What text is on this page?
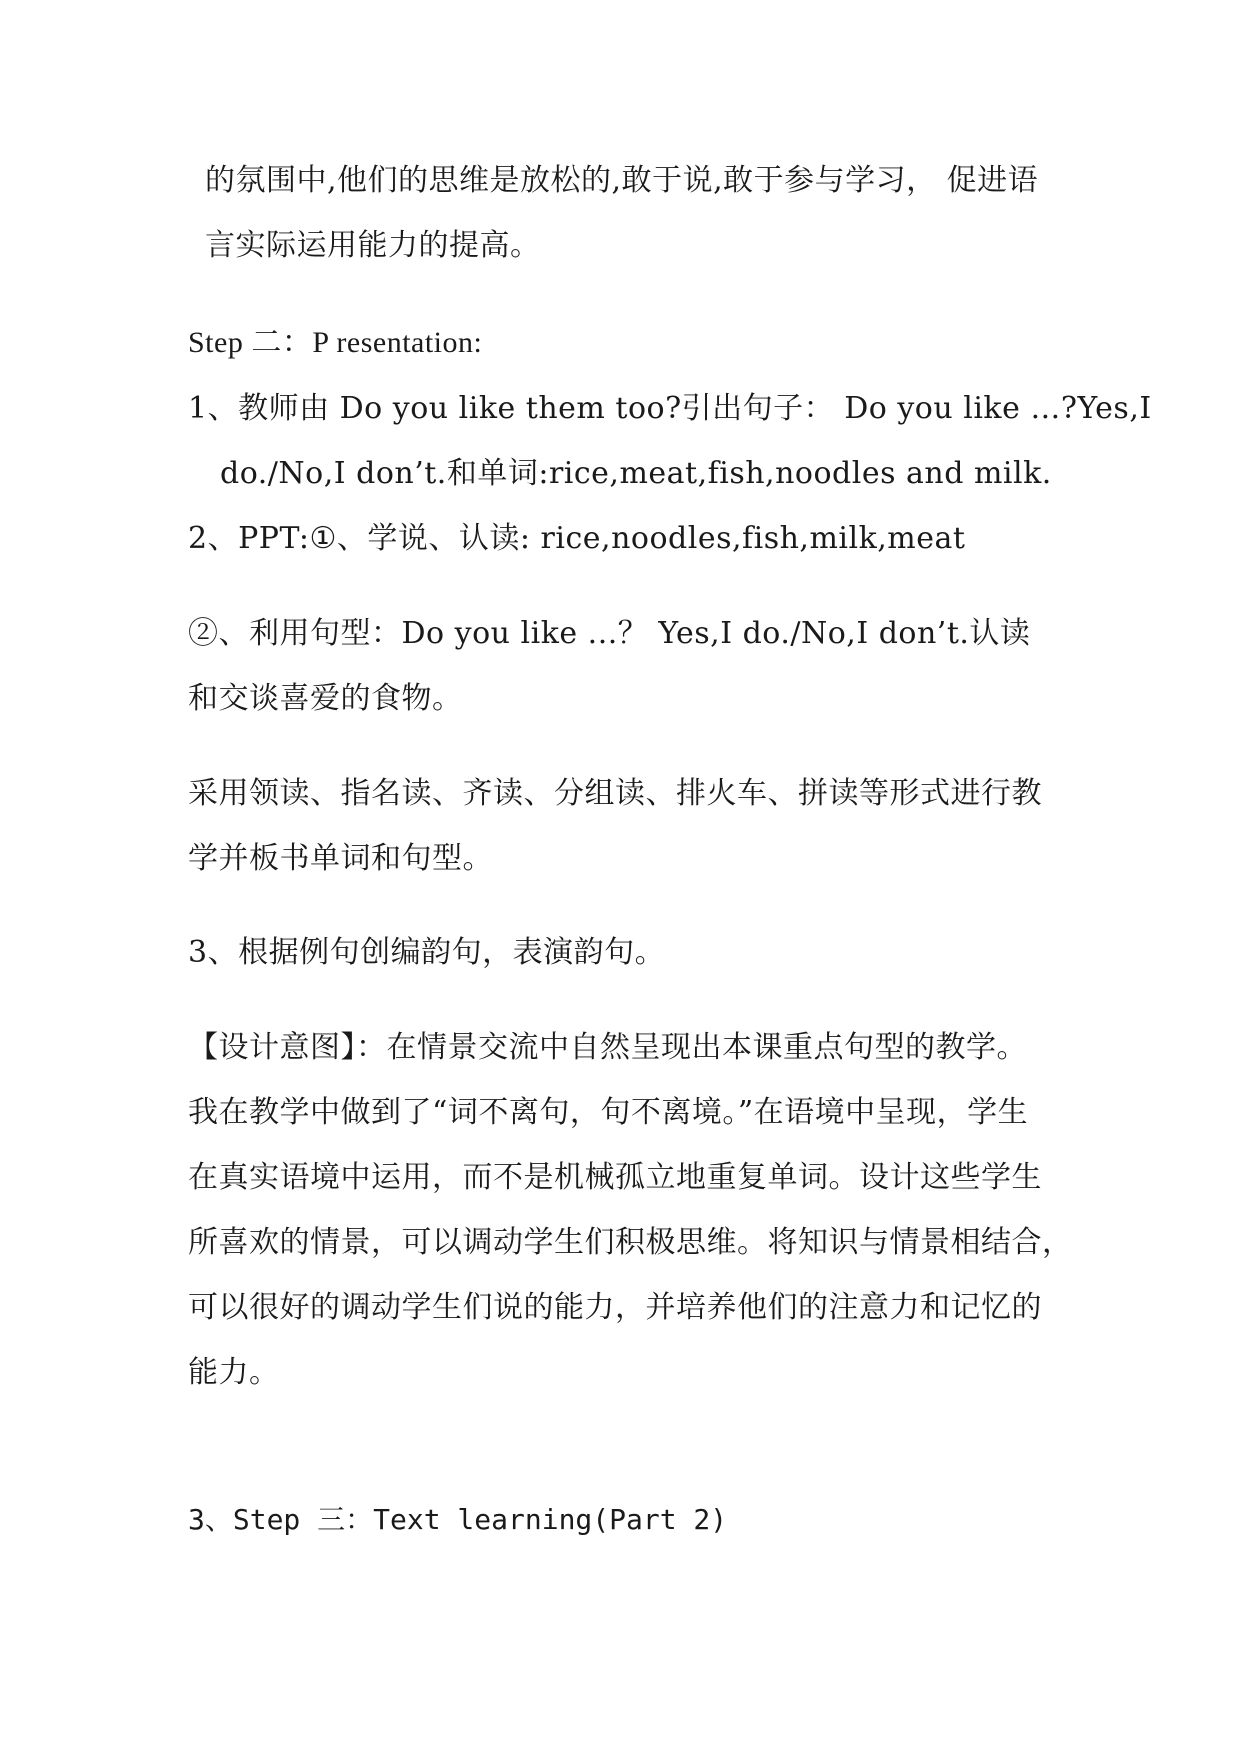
的氛围中,他们的思维是放松的,敢于说,敢于参与学习， 促进语
言实际运用能力的提高。
Step 二：P resentation:
1、教师由 Do you like them too?引出句子： Do you like …?Yes,I
do./No,I don’t.和单词:rice,meat,fish,noodles and milk.
2、PPT:①、学说、认读: rice,noodles,fish,milk,meat
②、利用句型：Do you like ...？ Yes,I do./No,I don’t.认读
和交谈喜爱的食物。
采用领读、指名读、齐读、分组读、排火车、拼读等形式进行教
学并板书单词和句型。
3、根据例句创编韵句，表演韵句。
【设计意图】：在情景交流中自然呈现出本课重点句型的教学。
我在教学中做到了“词不离句，句不离境。”在语境中呈现，学生
在真实语境中运用，而不是机械孤立地重复单词。设计这些学生
所喜欢的情景，可以调动学生们积极思维。将知识与情景相结合，
可以很好的调动学生们说的能力，并培养他们的注意力和记忆的
能力。
3、Step 三：Text learning(Part 2)
